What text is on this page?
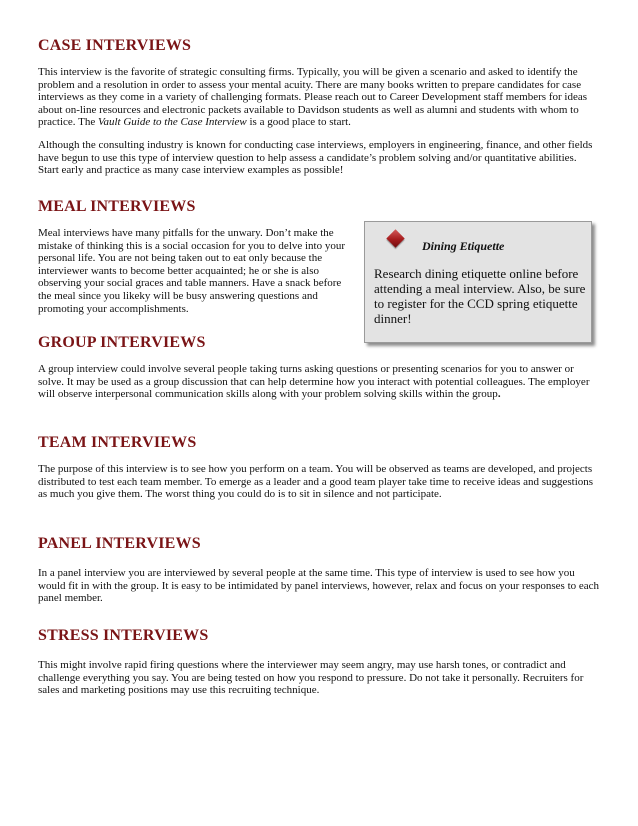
CASE INTERVIEWS

This interview is the favorite of strategic consulting firms. Typically, you will be given a scenario and asked to identify the problem and a resolution in order to assess your mental acuity. There are many books written to prepare candidates for case interviews as they come in a variety of challenging formats. Please reach out to Career Development staff members for ideas about on-line resources and electronic packets available to Davidson students as well as alumni and students with whom to practice. The Vault Guide to the Case Interview is a good place to start.

Although the consulting industry is known for conducting case interviews, employers in engineering, finance, and other fields have begun to use this type of interview question to help assess a candidate’s problem solving and/or quantitative abilities. Start early and practice as many case interview examples as possible!

MEAL INTERVIEWS

Meal interviews have many pitfalls for the unwary. Don’t make the mistake of thinking this is a social occasion for you to delve into your personal life. You are not being taken out to eat only because the interviewer wants to become better acquainted; he or she is also observing your social graces and table manners. Have a snack before the meal since you likeky will be busy answering questions and promoting your accomplishments.

Dining Etiquette
Research dining etiquette online before attending a meal interview. Also, be sure to register for the CCD spring etiquette dinner!
GROUP INTERVIEWS

A group interview could involve several people taking turns asking questions or presenting scenarios for you to answer or solve. It may be used as a group discussion that can help determine how you interact with potential colleagues. The employer will observe interpersonal communication skills along with your problem solving skills within the group.

TEAM INTERVIEWS

The purpose of this interview is to see how you perform on a team. You will be observed as teams are developed, and projects distributed to test each team member. To emerge as a leader and a good team player take time to receive ideas and suggestions as much you give them. The worst thing you could do is to sit in silence and not participate.

PANEL INTERVIEWS

In a panel interview you are interviewed by several people at the same time. This type of interview is used to see how you would fit in with the group. It is easy to be intimidated by panel interviews, however, relax and focus on your responses to each panel member.

STRESS INTERVIEWS

This might involve rapid firing questions where the interviewer may seem angry, may use harsh tones, or contradict and challenge everything you say. You are being tested on how you respond to pressure. Do not take it personally. Recruiters for sales and marketing positions may use this recruiting technique.
